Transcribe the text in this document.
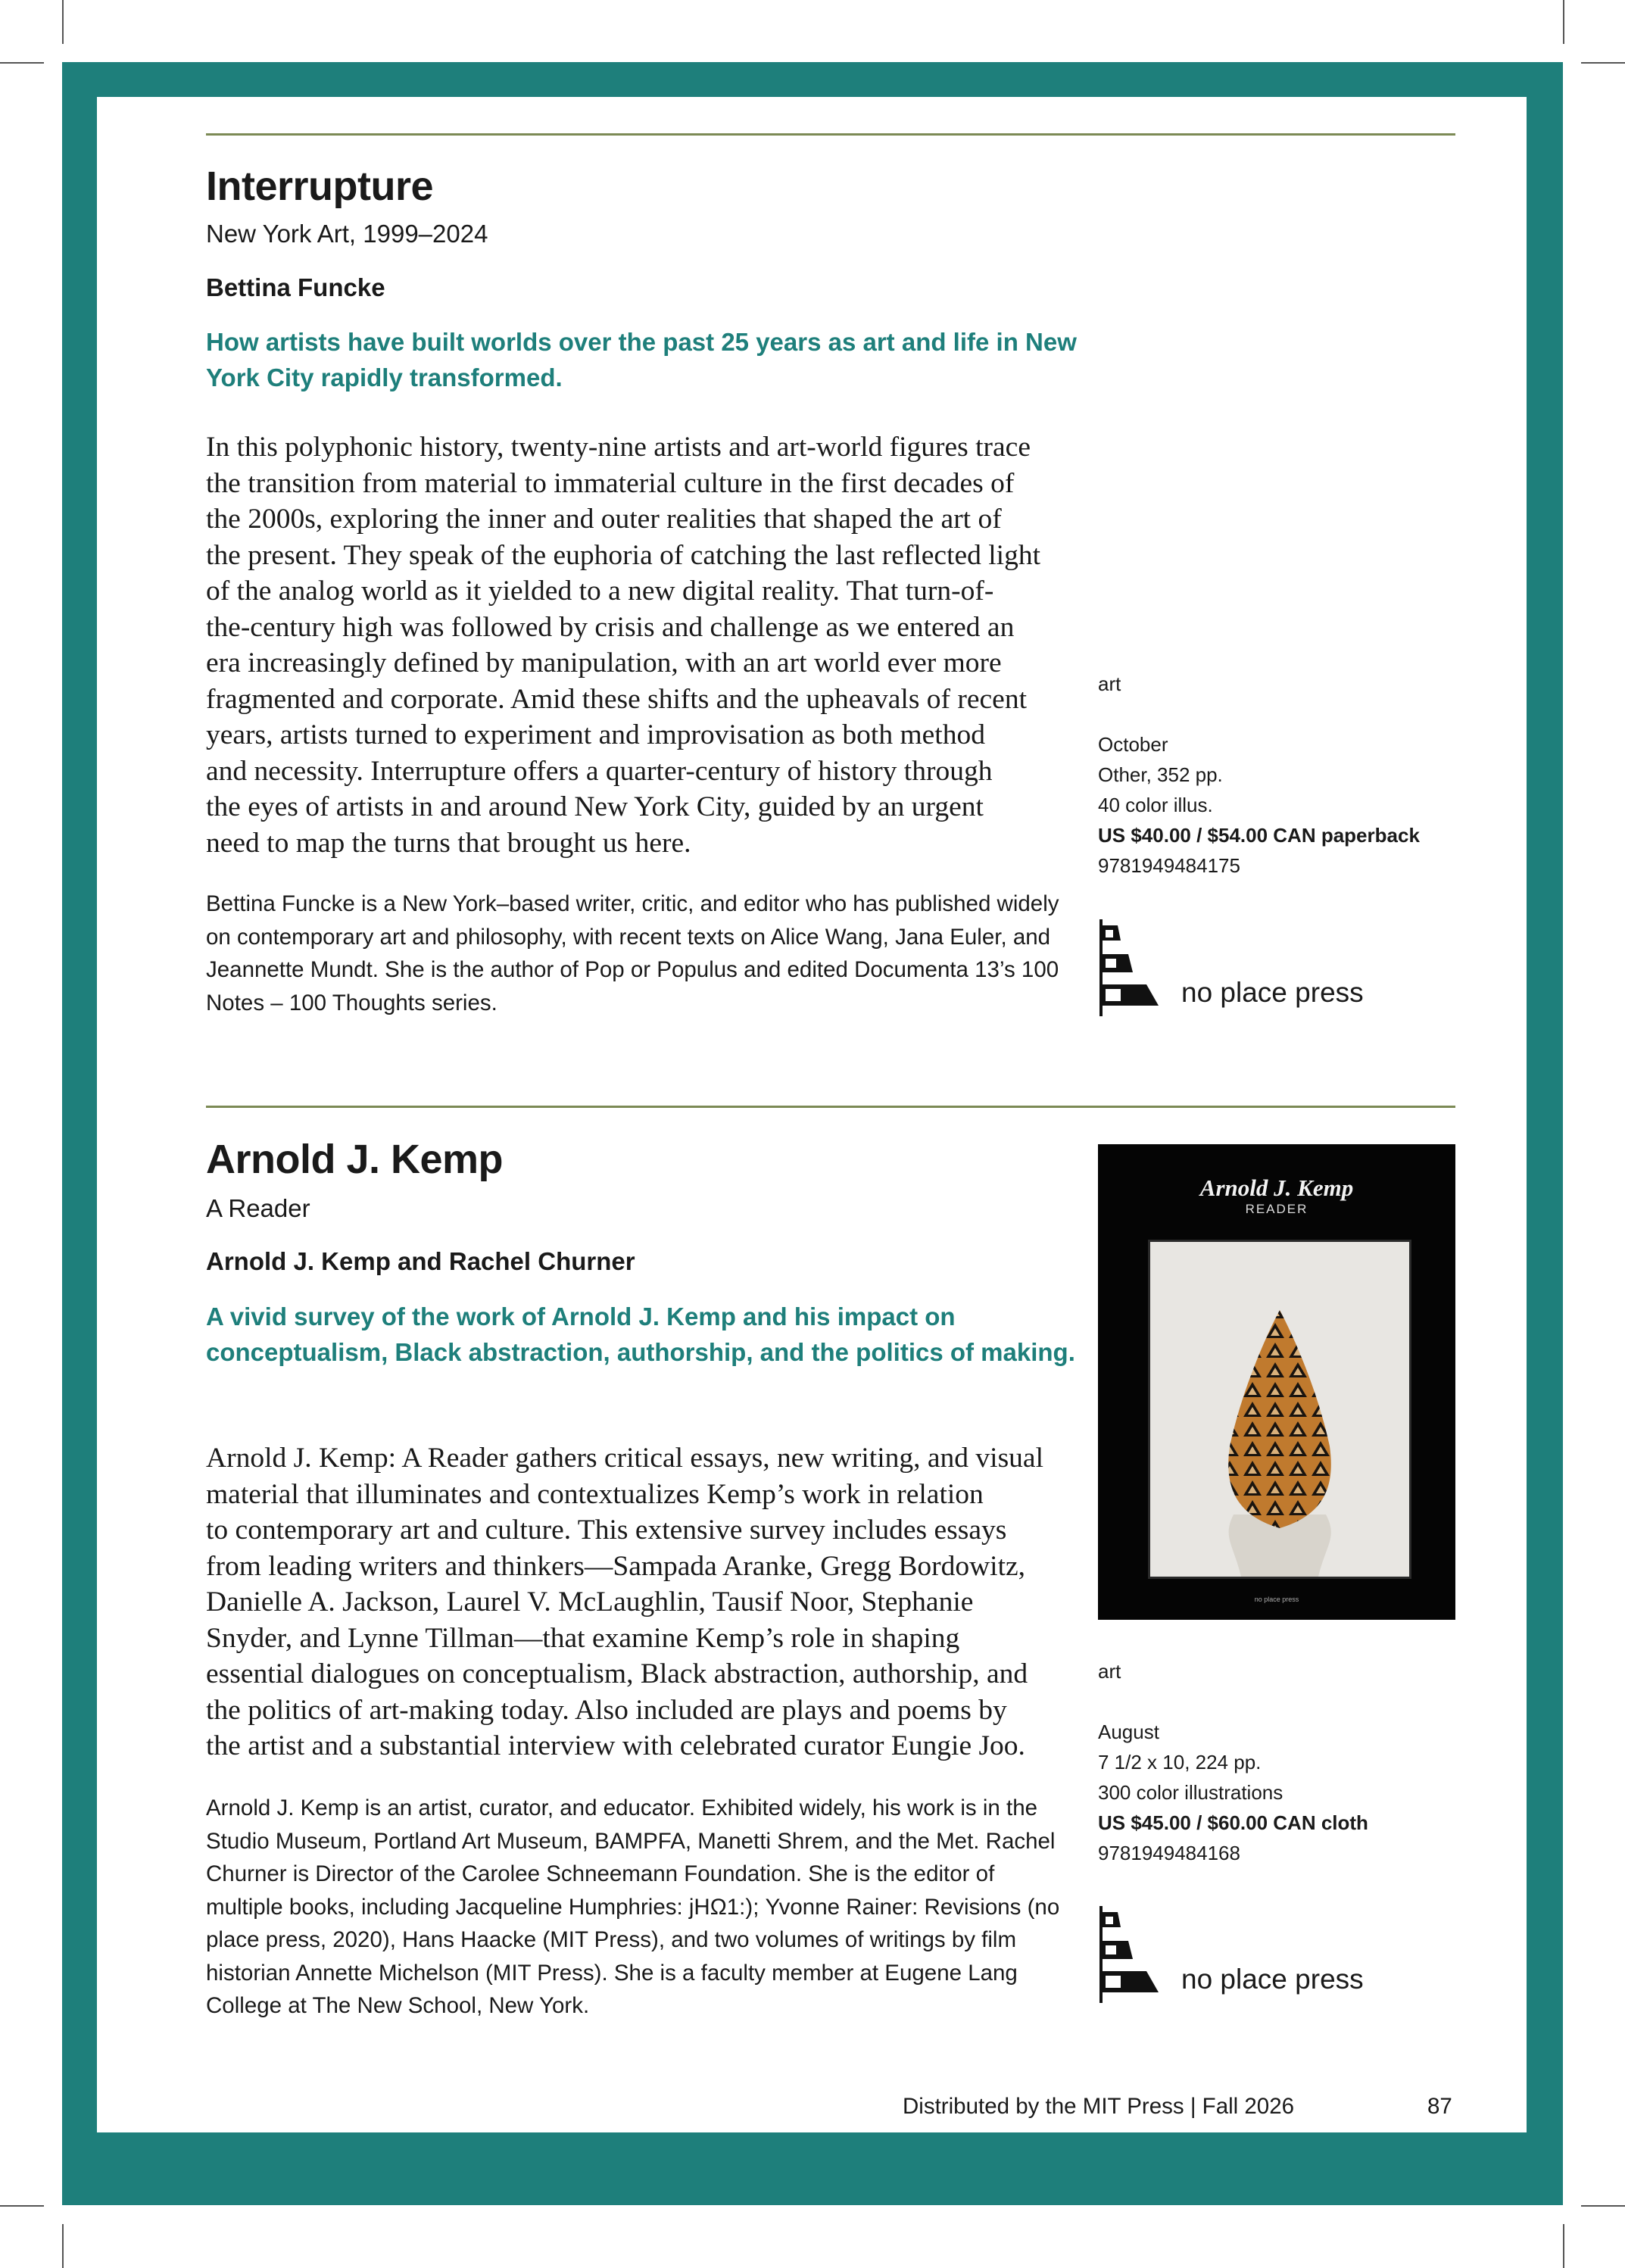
Interrupture
New York Art, 1999–2024
Bettina Funcke
How artists have built worlds over the past 25 years as art and life in New York City rapidly transformed.
In this polyphonic history, twenty-nine artists and art-world figures trace
the transition from material to immaterial culture in the first decades of
the 2000s, exploring the inner and outer realities that shaped the art of
the present. They speak of the euphoria of catching the last reflected light
of the analog world as it yielded to a new digital reality. That turn-of-
the-century high was followed by crisis and challenge as we entered an
era increasingly defined by manipulation, with an art world ever more
fragmented and corporate. Amid these shifts and the upheavals of recent
years, artists turned to experiment and improvisation as both method
and necessity. Interrupture offers a quarter-century of history through
the eyes of artists in and around New York City, guided by an urgent
need to map the turns that brought us here.
Bettina Funcke is a New York–based writer, critic, and editor who has published widely on contemporary art and philosophy, with recent texts on Alice Wang, Jana Euler, and Jeannette Mundt. She is the author of Pop or Populus and edited Documenta 13’s 100 Notes – 100 Thoughts series.
art
October
Other, 352 pp.
40 color illus.
US $40.00 / $54.00 CAN paperback
9781949484175
no place press
Arnold J. Kemp
A Reader
Arnold J. Kemp and Rachel Churner
A vivid survey of the work of Arnold J. Kemp and his impact on conceptualism, Black abstraction, authorship, and the politics of making.
Arnold J. Kemp: A Reader gathers critical essays, new writing, and visual
material that illuminates and contextualizes Kemp’s work in relation
to contemporary art and culture. This extensive survey includes essays
from leading writers and thinkers—Sampada Aranke, Gregg Bordowitz,
Danielle A. Jackson, Laurel V. McLaughlin, Tausif Noor, Stephanie
Snyder, and Lynne Tillman—that examine Kemp’s role in shaping
essential dialogues on conceptualism, Black abstraction, authorship, and
the politics of art-making today. Also included are plays and poems by
the artist and a substantial interview with celebrated curator Eungie Joo.
Arnold J. Kemp is an artist, curator, and educator. Exhibited widely, his work is in the Studio Museum, Portland Art Museum, BAMPFA, Manetti Shrem, and the Met. Rachel Churner is Director of the Carolee Schneemann Foundation. She is the editor of multiple books, including Jacqueline Humphries: jHΩ1:); Yvonne Rainer: Revisions (no place press, 2020), Hans Haacke (MIT Press), and two volumes of writings by film historian Annette Michelson (MIT Press). She is a faculty member at Eugene Lang College at The New School, New York.
Arnold J. Kemp
READER
no place press
art
August
7 1/2 x 10, 224 pp.
300 color illustrations
US $45.00 / $60.00 CAN cloth
9781949484168
no place press
Distributed by the MIT Press | Fall 2026	87
